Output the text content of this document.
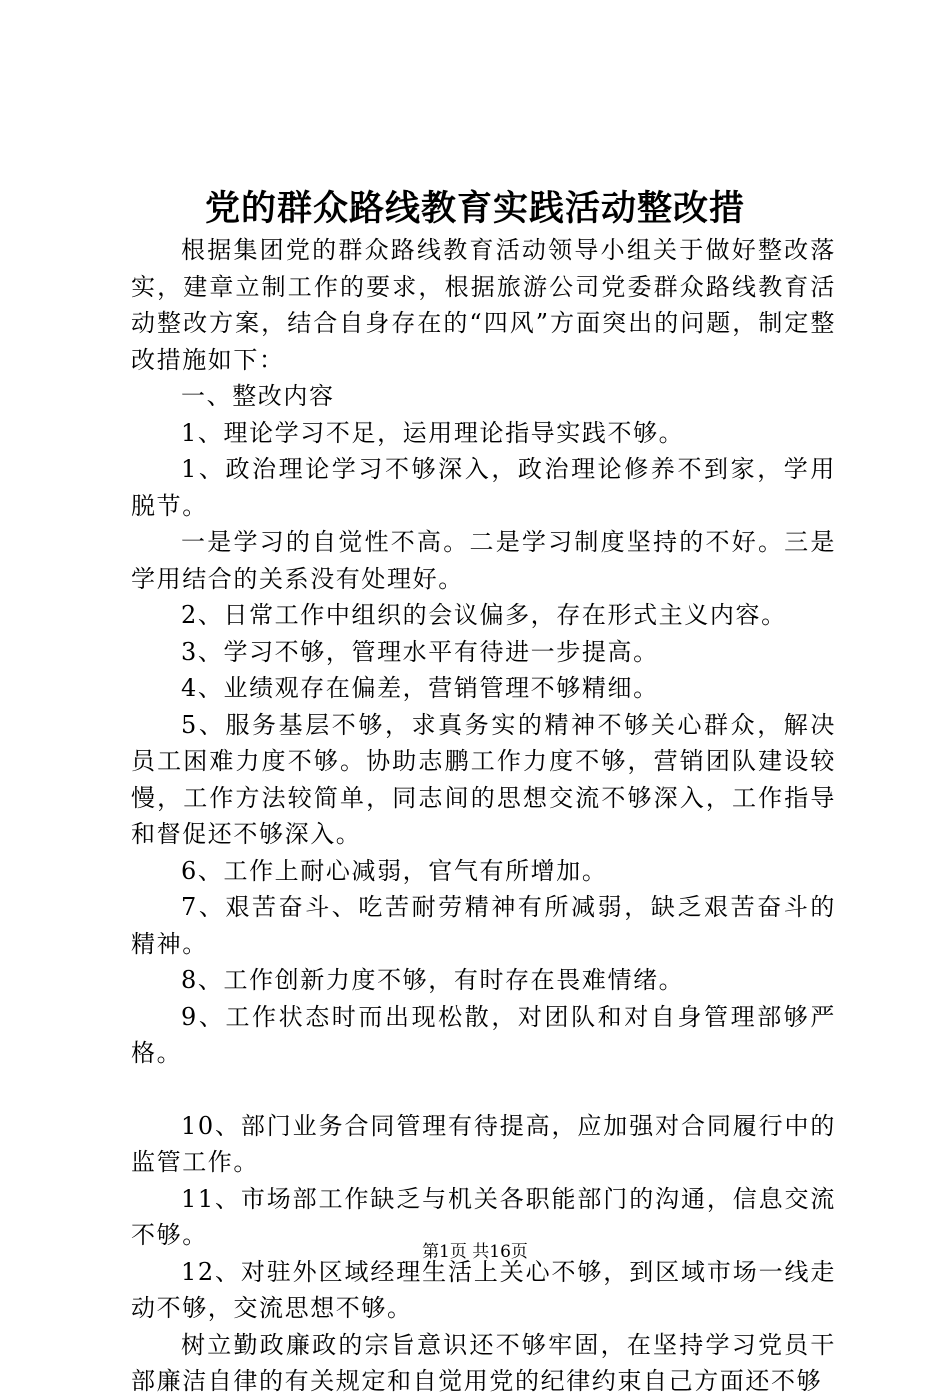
党的群众路线教育实践活动整改措

根据集团党的群众路线教育活动领导小组关于做好整改落实，建章立制工作的要求，根据旅游公司党委群众路线教育活动整改方案，结合自身存在的“四风”方面突出的问题，制定整改措施如下：

一、整改内容

1、理论学习不足，运用理论指导实践不够。

1、政治理论学习不够深入，政治理论修养不到家，学用脱节。

一是学习的自觉性不高。二是学习制度坚持的不好。三是学用结合的关系没有处理好。

2、日常工作中组织的会议偏多，存在形式主义内容。

3、学习不够，管理水平有待进一步提高。

4、业绩观存在偏差，营销管理不够精细。

5、服务基层不够，求真务实的精神不够关心群众，解决员工困难力度不够。协助志鹏工作力度不够，营销团队建设较慢，工作方法较简单，同志间的思想交流不够深入，工作指导和督促还不够深入。

6、工作上耐心减弱，官气有所增加。

7、艰苦奋斗、吃苦耐劳精神有所减弱，缺乏艰苦奋斗的精神。

8、工作创新力度不够，有时存在畏难情绪。

9、工作状态时而出现松散，对团队和对自身管理部够严格。

10、部门业务合同管理有待提高，应加强对合同履行中的监管工作。

11、市场部工作缺乏与机关各职能部门的沟通，信息交流不够。

12、对驻外区域经理生活上关心不够，到区域市场一线走动不够，交流思想不够。

树立勤政廉政的宗旨意识还不够牢固，在坚持学习党员干部廉洁自律的有关规定和自觉用党的纪律约束自己方面还不够

第1页 共16页
